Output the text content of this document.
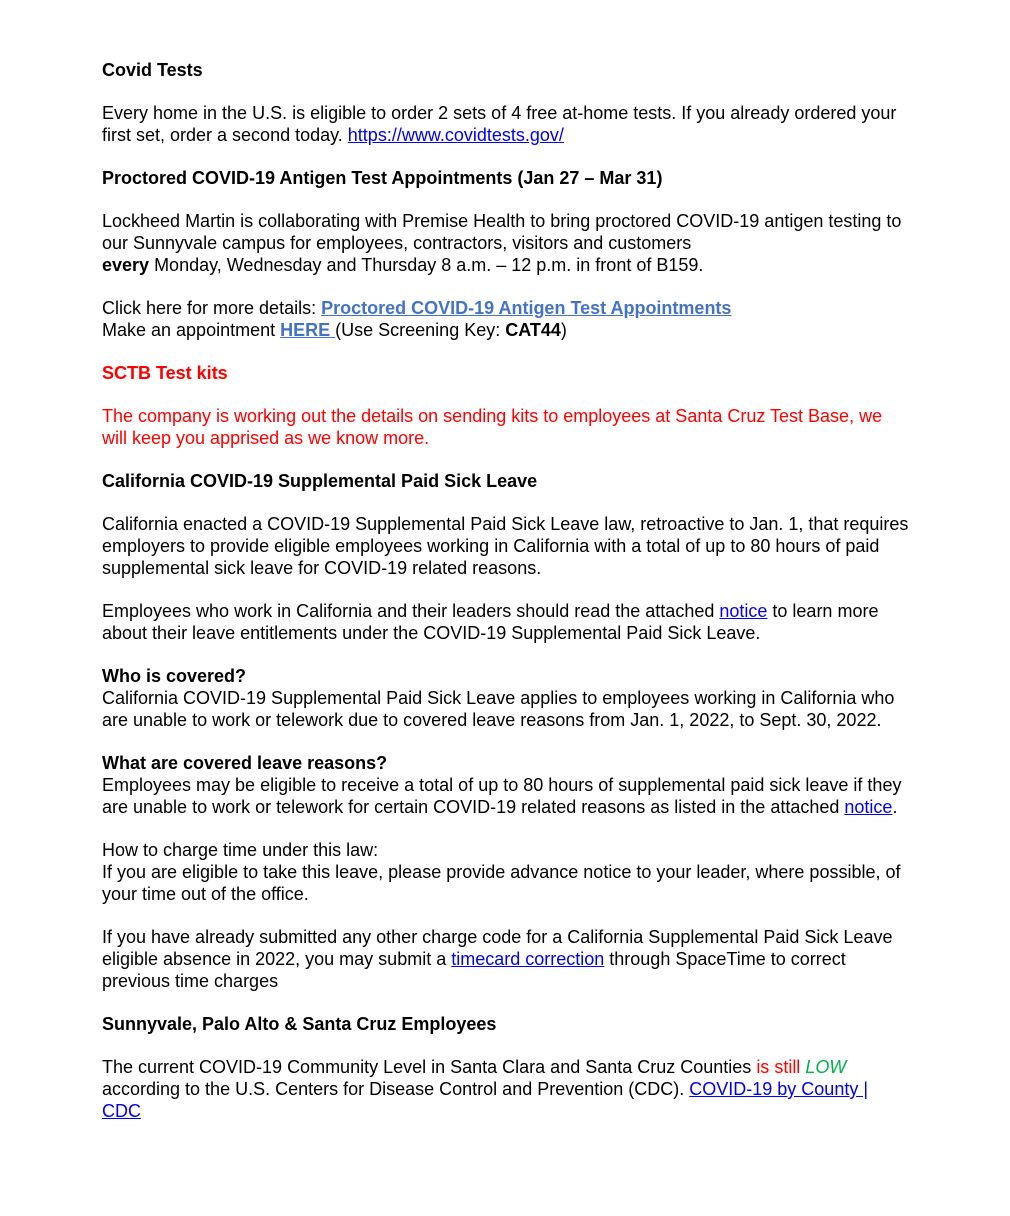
Covid Tests

Every home in the U.S. is eligible to order 2 sets of 4 free at-home tests. If you already ordered your first set, order a second today. https://www.covidtests.gov/

Proctored COVID-19 Antigen Test Appointments (Jan 27 – Mar 31)

Lockheed Martin is collaborating with Premise Health to bring proctored COVID-19 antigen testing to our Sunnyvale campus for employees, contractors, visitors and customers
every Monday, Wednesday and Thursday 8 a.m. – 12 p.m. in front of B159.

Click here for more details: Proctored COVID-19 Antigen Test Appointments
Make an appointment HERE (Use Screening Key: CAT44)

SCTB Test kits

The company is working out the details on sending kits to employees at Santa Cruz Test Base, we will keep you apprised as we know more.

California COVID-19 Supplemental Paid Sick Leave

California enacted a COVID-19 Supplemental Paid Sick Leave law, retroactive to Jan. 1, that requires employers to provide eligible employees working in California with a total of up to 80 hours of paid supplemental sick leave for COVID-19 related reasons.

Employees who work in California and their leaders should read the attached notice to learn more about their leave entitlements under the COVID-19 Supplemental Paid Sick Leave.

Who is covered?

California COVID-19 Supplemental Paid Sick Leave applies to employees working in California who are unable to work or telework due to covered leave reasons from Jan. 1, 2022, to Sept. 30, 2022.

What are covered leave reasons?

Employees may be eligible to receive a total of up to 80 hours of supplemental paid sick leave if they are unable to work or telework for certain COVID-19 related reasons as listed in the attached notice.

How to charge time under this law:

If you are eligible to take this leave, please provide advance notice to your leader, where possible, of your time out of the office.

If you have already submitted any other charge code for a California Supplemental Paid Sick Leave eligible absence in 2022, you may submit a timecard correction through SpaceTime to correct previous time charges

Sunnyvale, Palo Alto & Santa Cruz Employees

The current COVID-19 Community Level in Santa Clara and Santa Cruz Counties is still LOW according to the U.S. Centers for Disease Control and Prevention (CDC). COVID-19 by County | CDC
